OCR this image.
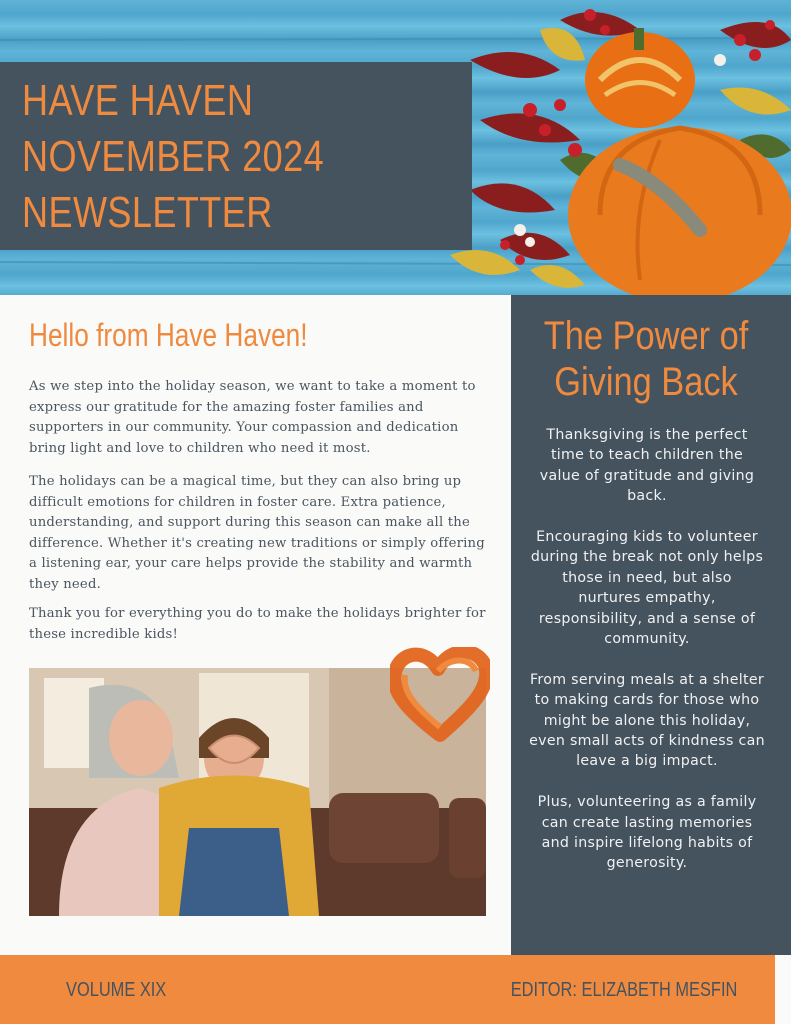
HAVE HAVEN
NOVEMBER 2024
NEWSLETTER
Hello from Have Haven!
As we step into the holiday season, we want to take a moment to express our gratitude for the amazing foster families and supporters in our community. Your compassion and dedication bring light and love to children who need it most.
The holidays can be a magical time, but they can also bring up difficult emotions for children in foster care. Extra patience, understanding, and support during this season can make all the difference. Whether it's creating new traditions or simply offering a listening ear, your care helps provide the stability and warmth they need.
Thank you for everything you do to make the holidays brighter for these incredible kids!
The Power of Giving Back

Thanksgiving is the perfect time to teach children the value of gratitude and giving back.

Encouraging kids to volunteer during the break not only helps those in need, but also nurtures empathy, responsibility, and a sense of community.

From serving meals at a shelter to making cards for those who might be alone this holiday, even small acts of kindness can leave a big impact.

Plus, volunteering as a family can create lasting memories and inspire lifelong habits of generosity.

VOLUME XIX	EDITOR: ELIZABETH MESFIN
